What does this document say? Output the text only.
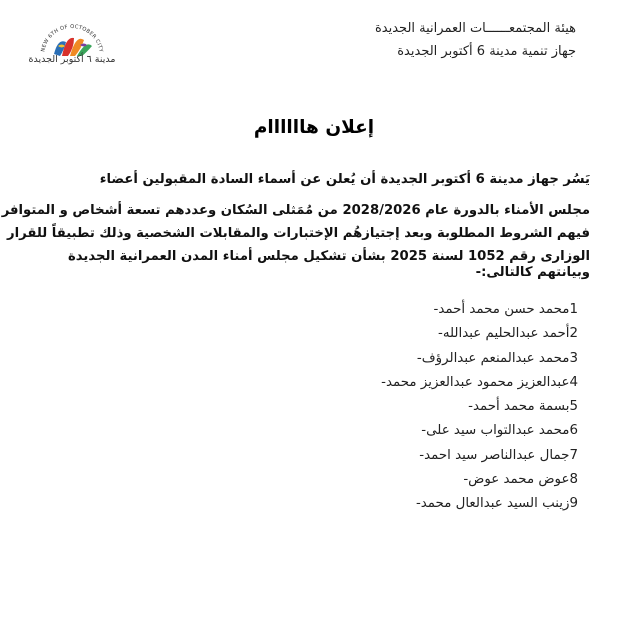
هيئة المجتمعــــــات العمرانية الجديدة
جهاز تنمية مدينة 6 أكتوبر الجديدة
NEW 6TH OF OCTOBER CITY
مدينة ٦ أكتوبر الجديدة
إعلان هاااااام
يَسُر جهاز مدينة 6 أكتوبر الجديدة أن يُعلن عن أسماء السادة المقبولين أعضاء
مجلس الأمناء بالدورة عام 2028/2026 من مُمَثلى السُكان وعددهم تسعة أشخاص و المتوافر
فيهم الشروط المطلوبة وبعد إجتيازهُم الإختبارات والمقابلات الشخصية وذلك تطبيقاً للقرار
الوزارى رقم 1052 لسنة 2025 بشأن تشكيل مجلس أمناء المدن العمرانية الجديدة
وبيانتهم كالتالى:-
-محمد حسن محمد أحمد1
-أحمد عبدالحليم عبدالله2
-محمد عبدالمنعم عبدالرؤف3
-عبدالعزيز محمود عبدالعزيز محمد4
-بسمة محمد أحمد5
-محمد عبدالتواب سيد على6
-جمال عبدالناصر سيد احمد7
-عوض محمد عوض8
-زينب السيد عبدالعال محمد9
